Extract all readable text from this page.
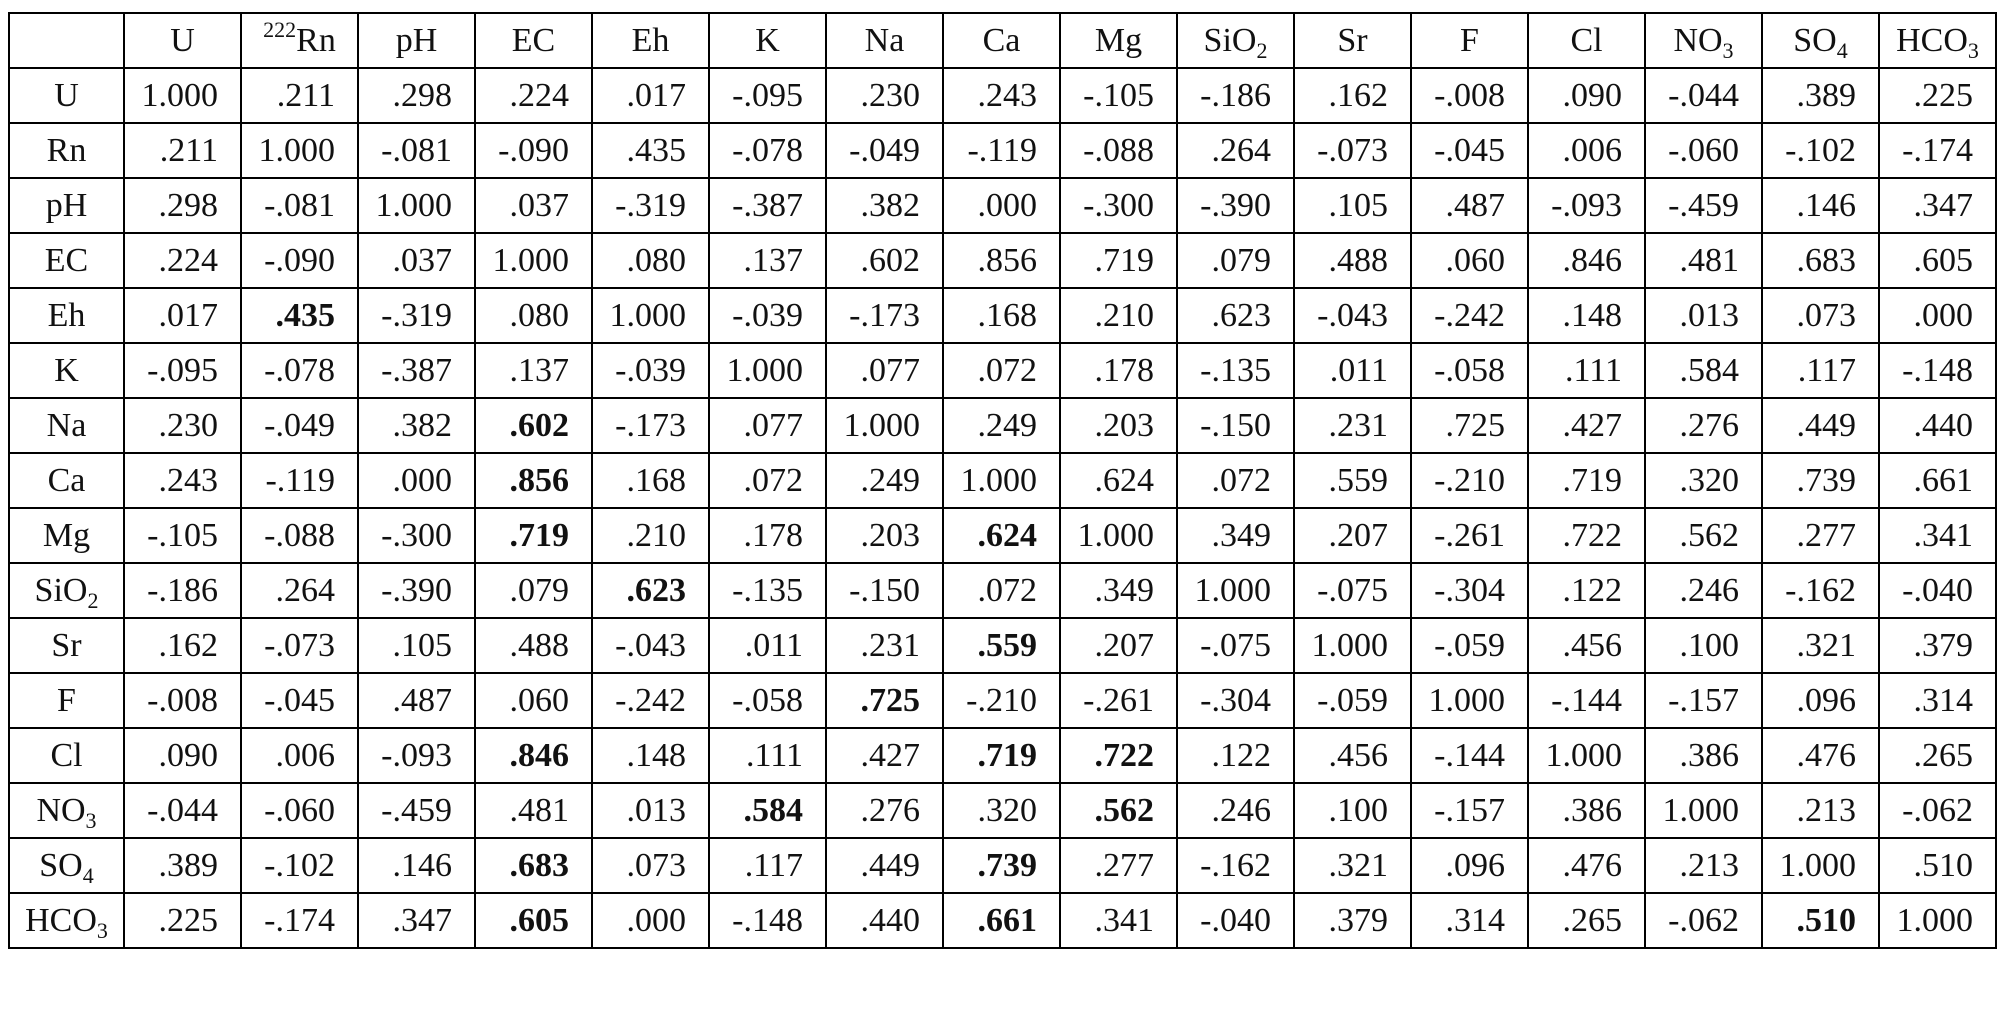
	U	$^{222}$Rn	pH	EC	Eh	K	Na	Ca	Mg	SiO$_2$	Sr	F	Cl	$NO_3$	$SO_4$	$HCO_3$
U	1.000	.211	.298	.224	.017	-.095	.230	.243	-.105	-.186	.162	-.008	.090	-.044	.389	.225
Rn	.211	1.000	-.081	-.090	.435	-.078	-.049	-.119	-.088	.264	-.073	-.045	.006	-.060	-.102	-.174
pH	.298	-.081	1.000	.037	-.319	-.387	.382	.000	-.300	-.390	.105	.487	-.093	-.459	.146	.347
EC	.224	-.090	.037	1.000	.080	.137	.602	.856	.719	.079	.488	.060	.846	.481	.683	.605
Eh	.017	.435	-.319	.080	1.000	-.039	-.173	.168	.210	.623	-.043	-.242	.148	.013	.073	.000
K	-.095	-.078	-.387	.137	-.039	1.000	.077	.072	.178	-.135	.011	-.058	.111	.584	.117	-.148
Na	.230	-.049	.382	.602	-.173	.077	1.000	.249	.203	-.150	.231	.725	.427	.276	.449	.440
Ca	.243	-.119	.000	.856	.168	.072	.249	1.000	.624	.072	.559	-.210	.719	.320	.739	.661
Mg	-.105	-.088	-.300	.719	.210	.178	.203	.624	1.000	.349	.207	-.261	.722	.562	.277	.341
SiO$_2$	-.186	.264	-.390	.079	.623	-.135	-.150	.072	.349	1.000	-.075	-.304	.122	.246	-.162	-.040
Sr	.162	-.073	.105	.488	-.043	.011	.231	.559	.207	-.075	1.000	-.059	.456	.100	.321	.379
F	-.008	-.045	.487	.060	-.242	-.058	.725	-.210	-.261	-.304	-.059	1.000	-.144	-.157	.096	.314
Cl	.090	.006	-.093	.846	.148	.111	.427	.719	.722	.122	.456	-.144	1.000	.386	.476	.265
$NO_3$	-.044	-.060	-.459	.481	.013	.584	.276	.320	.562	.246	.100	-.157	.386	1.000	.213	-.062
$SO_4$	.389	-.102	.146	.683	.073	.117	.449	.739	.277	-.162	.321	.096	.476	.213	1.000	.510
$HCO_3$	.225	-.174	.347	.605	.000	-.148	.440	.661	.341	-.040	.379	.314	.265	-.062	.510	1.000
